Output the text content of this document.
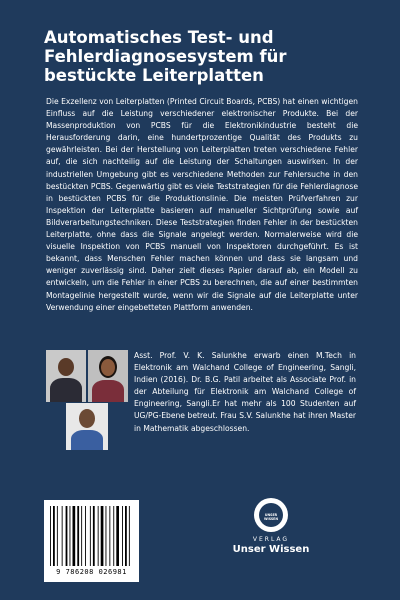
Automatisches Test- und Fehlerdiagnosesystem für bestückte Leiterplatten

Die Exzellenz von Leiterplatten (Printed Circuit Boards, PCBS) hat einen wichtigen Einfluss auf die Leistung verschiedener elektronischer Produkte. Bei der Massenproduktion von PCBS für die Elektronikindustrie besteht die Herausforderung darin, eine hundertprozentige Qualität des Produkts zu gewährleisten. Bei der Herstellung von Leiterplatten treten verschiedene Fehler auf, die sich nachteilig auf die Leistung der Schaltungen auswirken. In der industriellen Umgebung gibt es verschiedene Methoden zur Fehlersuche in den bestückten PCBS. Gegenwärtig gibt es viele Teststrategien für die Fehlerdiagnose in bestückten PCBS für die Produktionslinie. Die meisten Prüfverfahren zur Inspektion der Leiterplatte basieren auf manueller Sichtprüfung sowie auf Bildverarbeitungstechniken. Diese Teststrategien finden Fehler in der bestückten Leiterplatte, ohne dass die Signale angelegt werden. Normalerweise wird die visuelle Inspektion von PCBS manuell von Inspektoren durchgeführt. Es ist bekannt, dass Menschen Fehler machen können und dass sie langsam und weniger zuverlässig sind. Daher zielt dieses Papier darauf ab, ein Modell zu entwickeln, um die Fehler in einer PCBS zu berechnen, die auf einer bestimmten Montagelinie hergestellt wurde, wenn wir die Signale auf die Leiterplatte unter Verwendung einer eingebetteten Plattform anwenden.

Asst. Prof. V. K. Salunkhe erwarb einen M.Tech in Elektronik am Walchand College of Engineering, Sangli, Indien (2016). Dr. B.G. Patil arbeitet als Associate Prof. in der Abteilung für Elektronik am Walchand College of Engineering, Sangli.Er hat mehr als 100 Studenten auf UG/PG-Ebene betreut. Frau S.V. Salunkhe hat ihren Master in Mathematik abgeschlossen.

9 786208 026981
UNSER WISSEN
VERLAG
Unser Wissen
